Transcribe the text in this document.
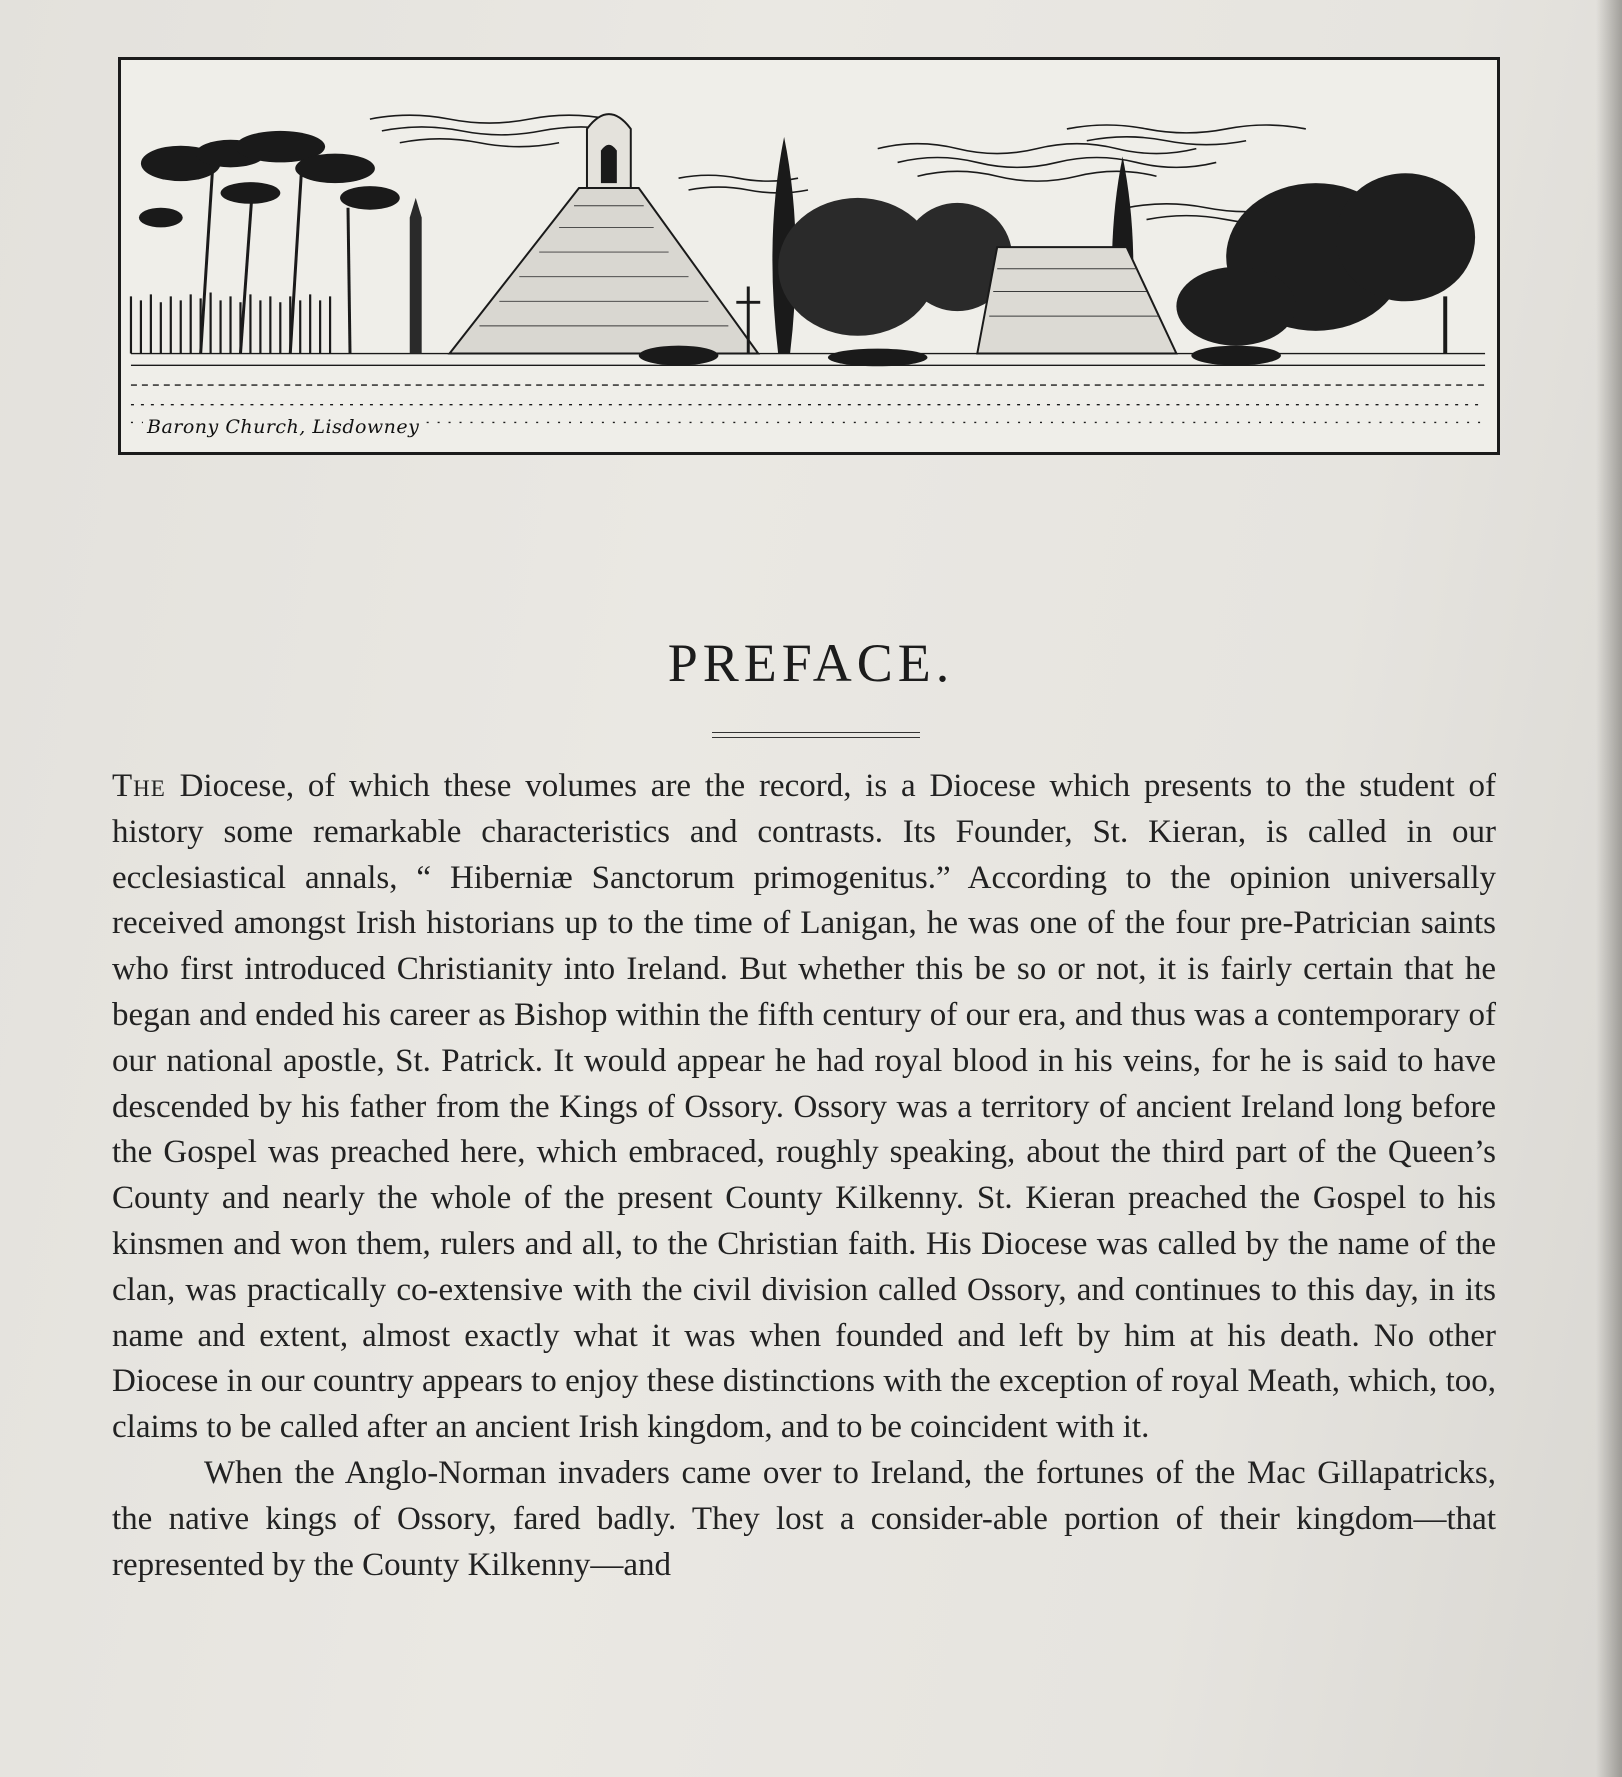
Barony Church, Lisdowney
PREFACE.

The Diocese, of which these volumes are the record, is a Diocese which presents to the student of history some remarkable characteristics and contrasts. Its Founder, St. Kieran, is called in our ecclesiastical annals, “ Hiberniæ Sanctorum primogenitus.” According to the opinion universally received amongst Irish historians up to the time of Lanigan, he was one of the four pre-Patrician saints who first introduced Christianity into Ireland. But whether this be so or not, it is fairly certain that he began and ended his career as Bishop within the fifth century of our era, and thus was a contemporary of our national apostle, St. Patrick. It would appear he had royal blood in his veins, for he is said to have descended by his father from the Kings of Ossory. Ossory was a territory of ancient Ireland long before the Gospel was preached here, which embraced, roughly speaking, about the third part of the Queen’s County and nearly the whole of the present County Kilkenny. St. Kieran preached the Gospel to his kinsmen and won them, rulers and all, to the Christian faith. His Diocese was called by the name of the clan, was practically co-extensive with the civil division called Ossory, and continues to this day, in its name and extent, almost exactly what it was when founded and left by him at his death. No other Diocese in our country appears to enjoy these distinctions with the exception of royal Meath, which, too, claims to be called after an ancient Irish kingdom, and to be coincident with it.

When the Anglo-Norman invaders came over to Ireland, the fortunes of the Mac Gillapatricks, the native kings of Ossory, fared badly. They lost a consider-able portion of their kingdom—that represented by the County Kilkenny—and
